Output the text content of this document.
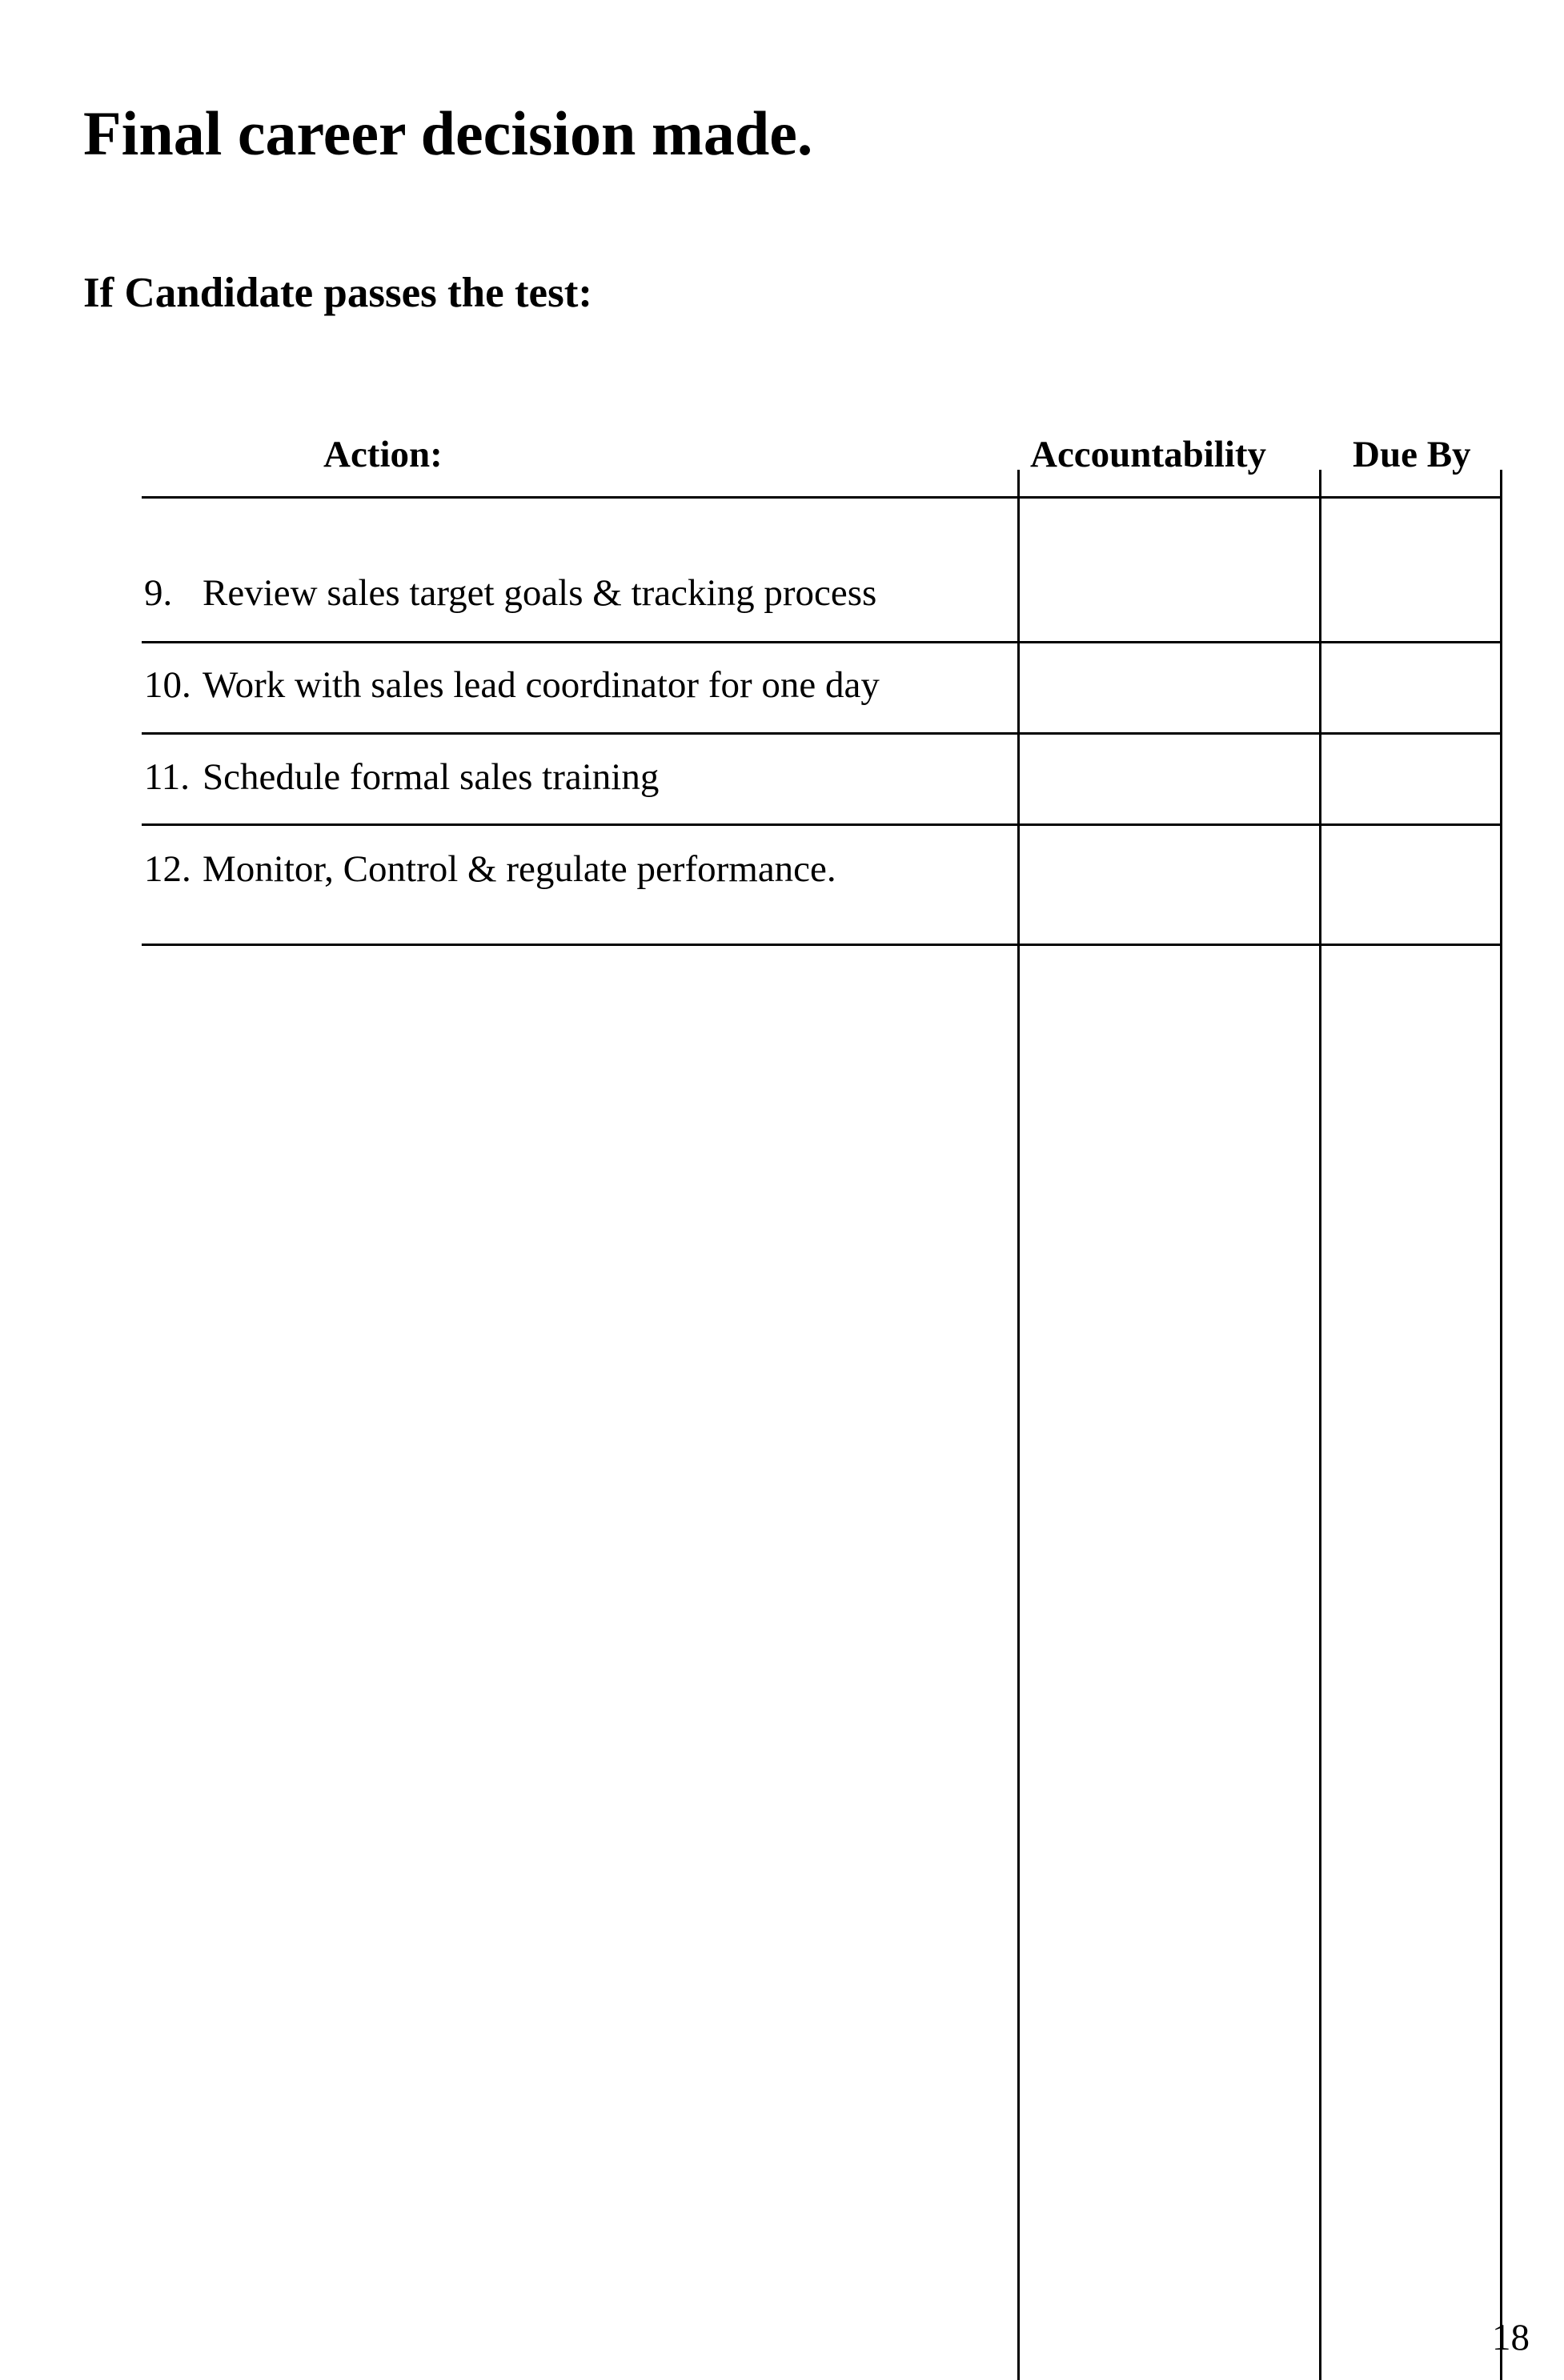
Final career decision made.
If Candidate passes the test:
Action:	Accountability Due By
9. Review sales target goals & tracking process
10. Work with sales lead coordinator for one day
11. Schedule formal sales training
12. Monitor, Control & regulate performance.
18
